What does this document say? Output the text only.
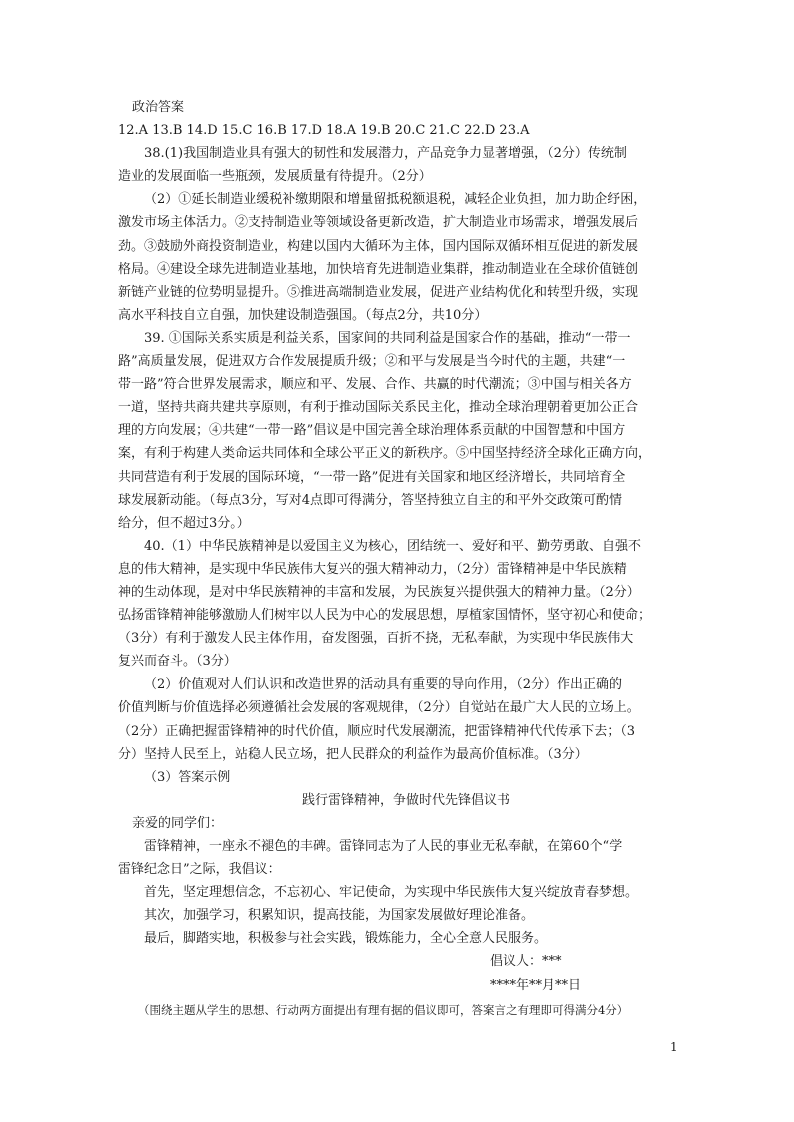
政治答案
12.A 13.B 14.D 15.C 16.B 17.D 18.A 19.B 20.C 21.C 22.D 23.A
38.(1)我国制造业具有强大的韧性和发展潜力，产品竞争力显著增强，（2分）传统制
造业的发展面临一些瓶颈，发展质量有待提升。（2分）
（2）①延长制造业缓税补缴期限和增量留抵税额退税，减轻企业负担，加力助企纾困，
激发市场主体活力。②支持制造业等领域设备更新改造，扩大制造业市场需求，增强发展后
劲。③鼓励外商投资制造业，构建以国内大循环为主体，国内国际双循环相互促进的新发展
格局。④建设全球先进制造业基地，加快培育先进制造业集群，推动制造业在全球价值链创
新链产业链的位势明显提升。⑤推进高端制造业发展，促进产业结构优化和转型升级，实现
高水平科技自立自强，加快建设制造强国。（每点2分，共10分）
39. ①国际关系实质是利益关系，国家间的共同利益是国家合作的基础，推动“一带一
路”高质量发展，促进双方合作发展提质升级；②和平与发展是当今时代的主题，共建“一
带一路”符合世界发展需求，顺应和平、发展、合作、共赢的时代潮流；③中国与相关各方
一道，坚持共商共建共享原则，有利于推动国际关系民主化，推动全球治理朝着更加公正合
理的方向发展；④共建“一带一路”倡议是中国完善全球治理体系贡献的中国智慧和中国方
案，有利于构建人类命运共同体和全球公平正义的新秩序。⑤中国坚持经济全球化正确方向，
共同营造有利于发展的国际环境，“一带一路”促进有关国家和地区经济增长，共同培育全
球发展新动能。（每点3分，写对4点即可得满分，答坚持独立自主的和平外交政策可酌情
给分，但不超过3分。）
40.（1）中华民族精神是以爱国主义为核心，团结统一、爱好和平、勤劳勇敢、自强不
息的伟大精神，是实现中华民族伟大复兴的强大精神动力，（2分）雷锋精神是中华民族精
神的生动体现，是对中华民族精神的丰富和发展，为民族复兴提供强大的精神力量。（2分）
弘扬雷锋精神能够激励人们树牢以人民为中心的发展思想，厚植家国情怀，坚守初心和使命；
（3分）有利于激发人民主体作用，奋发图强，百折不挠，无私奉献，为实现中华民族伟大
复兴而奋斗。（3分）
（2）价值观对人们认识和改造世界的活动具有重要的导向作用，（2分）作出正确的
价值判断与价值选择必须遵循社会发展的客观规律，（2分）自觉站在最广大人民的立场上。
（2分）正确把握雷锋精神的时代价值，顺应时代发展潮流，把雷锋精神代代传承下去；（3
分）坚持人民至上，站稳人民立场，把人民群众的利益作为最高价值标准。（3分）
（3）答案示例
践行雷锋精神，争做时代先锋倡议书
亲爱的同学们：
雷锋精神，一座永不褪色的丰碑。雷锋同志为了人民的事业无私奉献，在第60个“学
雷锋纪念日”之际，我倡议：
首先，坚定理想信念，不忘初心、牢记使命，为实现中华民族伟大复兴绽放青春梦想。
其次，加强学习，积累知识，提高技能，为国家发展做好理论准备。
最后，脚踏实地，积极参与社会实践，锻炼能力，全心全意人民服务。
倡议人：***
****年**月**日
（围绕主题从学生的思想、行动两方面提出有理有据的倡议即可，答案言之有理即可得满分4分）
1
